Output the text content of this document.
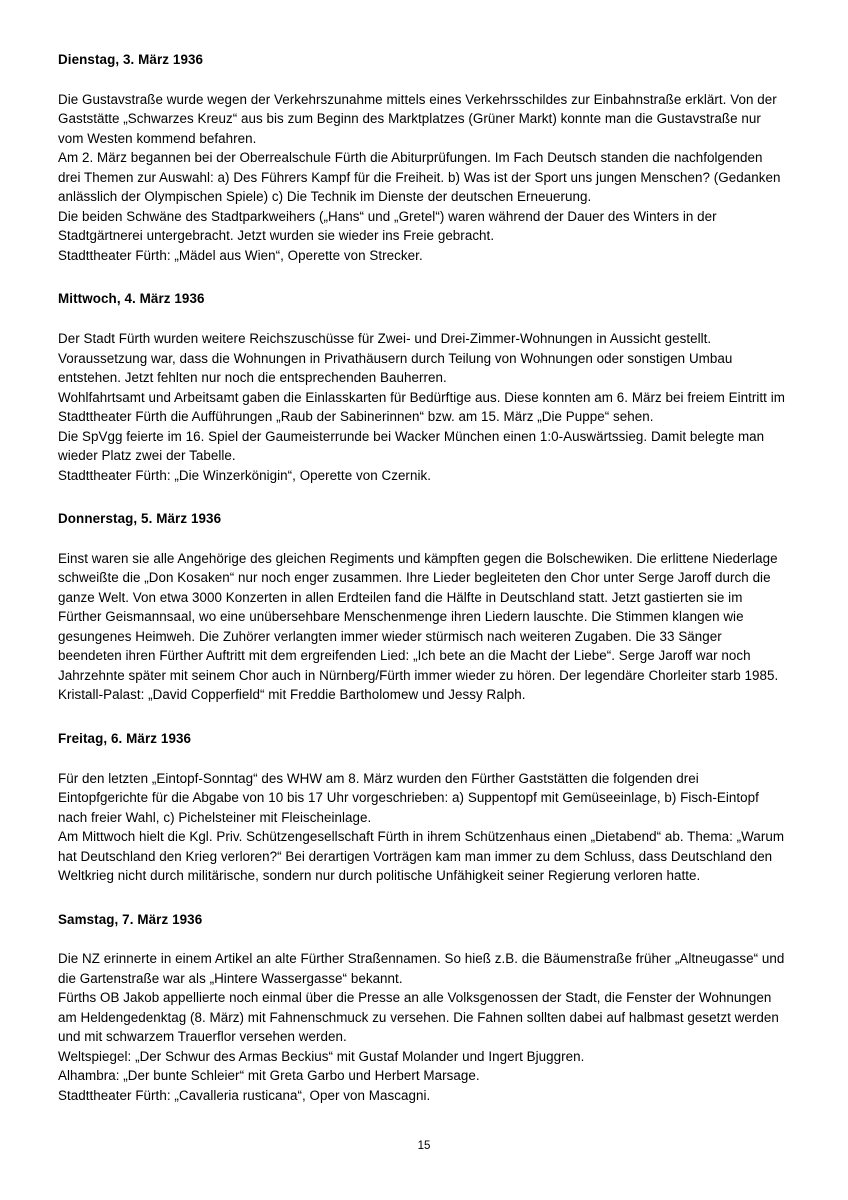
Dienstag, 3. März 1936

Die Gustavstraße wurde wegen der Verkehrszunahme mittels eines Verkehrsschildes zur Einbahnstraße erklärt. Von der Gaststätte „Schwarzes Kreuz“ aus bis zum Beginn des Marktplatzes (Grüner Markt) konnte man die Gustavstraße nur vom Westen kommend befahren.

Am 2. März begannen bei der Oberrealschule Fürth die Abiturprüfungen. Im Fach Deutsch standen die nachfolgenden drei Themen zur Auswahl: a) Des Führers Kampf für die Freiheit. b) Was ist der Sport uns jungen Menschen? (Gedanken anlässlich der Olympischen Spiele) c) Die Technik im Dienste der deutschen Erneuerung.

Die beiden Schwäne des Stadtparkweihers („Hans“ und „Gretel“) waren während der Dauer des Winters in der Stadtgärtnerei untergebracht. Jetzt wurden sie wieder ins Freie gebracht.

Stadttheater Fürth: „Mädel aus Wien“, Operette von Strecker.

Mittwoch, 4. März 1936

Der Stadt Fürth wurden weitere Reichszuschüsse für Zwei- und Drei-Zimmer-Wohnungen in Aussicht gestellt. Voraussetzung war, dass die Wohnungen in Privathäusern durch Teilung von Wohnungen oder sonstigen Umbau entstehen. Jetzt fehlten nur noch die entsprechenden Bauherren.

Wohlfahrtsamt und Arbeitsamt gaben die Einlasskarten für Bedürftige aus. Diese konnten am 6. März bei freiem Eintritt im Stadttheater Fürth die Aufführungen „Raub der Sabinerinnen“ bzw. am 15. März „Die Puppe“ sehen.

Die SpVgg feierte im 16. Spiel der Gaumeisterrunde bei Wacker München einen 1:0-Auswärtssieg. Damit belegte man wieder Platz zwei der Tabelle.

Stadttheater Fürth: „Die Winzerkönigin“, Operette von Czernik.

Donnerstag, 5. März 1936

Einst waren sie alle Angehörige des gleichen Regiments und kämpften gegen die Bolschewiken. Die erlittene Niederlage schweißte die „Don Kosaken“ nur noch enger zusammen. Ihre Lieder begleiteten den Chor unter Serge Jaroff durch die ganze Welt. Von etwa 3000 Konzerten in allen Erdteilen fand die Hälfte in Deutschland statt. Jetzt gastierten sie im Fürther Geismannsaal, wo eine unübersehbare Menschenmenge ihren Liedern lauschte. Die Stimmen klangen wie gesungenes Heimweh. Die Zuhörer verlangten immer wieder stürmisch nach weiteren Zugaben. Die 33 Sänger beendeten ihren Fürther Auftritt mit dem ergreifenden Lied: „Ich bete an die Macht der Liebe“. Serge Jaroff war noch Jahrzehnte später mit seinem Chor auch in Nürnberg/Fürth immer wieder zu hören. Der legendäre Chorleiter starb 1985.

Kristall-Palast: „David Copperfield“ mit Freddie Bartholomew und Jessy Ralph.

Freitag, 6. März 1936

Für den letzten „Eintopf-Sonntag“ des WHW am 8. März wurden den Fürther Gaststätten die folgenden drei Eintopfgerichte für die Abgabe von 10 bis 17 Uhr vorgeschrieben: a) Suppentopf mit Gemüseeinlage, b) Fisch-Eintopf nach freier Wahl, c) Pichelsteiner mit Fleischeinlage.

Am Mittwoch hielt die Kgl. Priv. Schützengesellschaft Fürth in ihrem Schützenhaus einen „Dietabend“ ab. Thema: „Warum hat Deutschland den Krieg verloren?“ Bei derartigen Vorträgen kam man immer zu dem Schluss, dass Deutschland den Weltkrieg nicht durch militärische, sondern nur durch politische Unfähigkeit seiner Regierung verloren hatte.

Samstag, 7. März 1936

Die NZ erinnerte in einem Artikel an alte Fürther Straßennamen. So hieß z.B. die Bäumenstraße früher „Altneugasse“ und die Gartenstraße war als „Hintere Wassergasse“ bekannt.

Fürths OB Jakob appellierte noch einmal über die Presse an alle Volksgenossen der Stadt, die Fenster der Wohnungen am Heldengedenktag (8. März) mit Fahnenschmuck zu versehen. Die Fahnen sollten dabei auf halbmast gesetzt werden und mit schwarzem Trauerflor versehen werden.

Weltspiegel: „Der Schwur des Armas Beckius“ mit Gustaf Molander und Ingert Bjuggren.

Alhambra: „Der bunte Schleier“ mit Greta Garbo und Herbert Marsage.

Stadttheater Fürth: „Cavalleria rusticana“, Oper von Mascagni.

15
